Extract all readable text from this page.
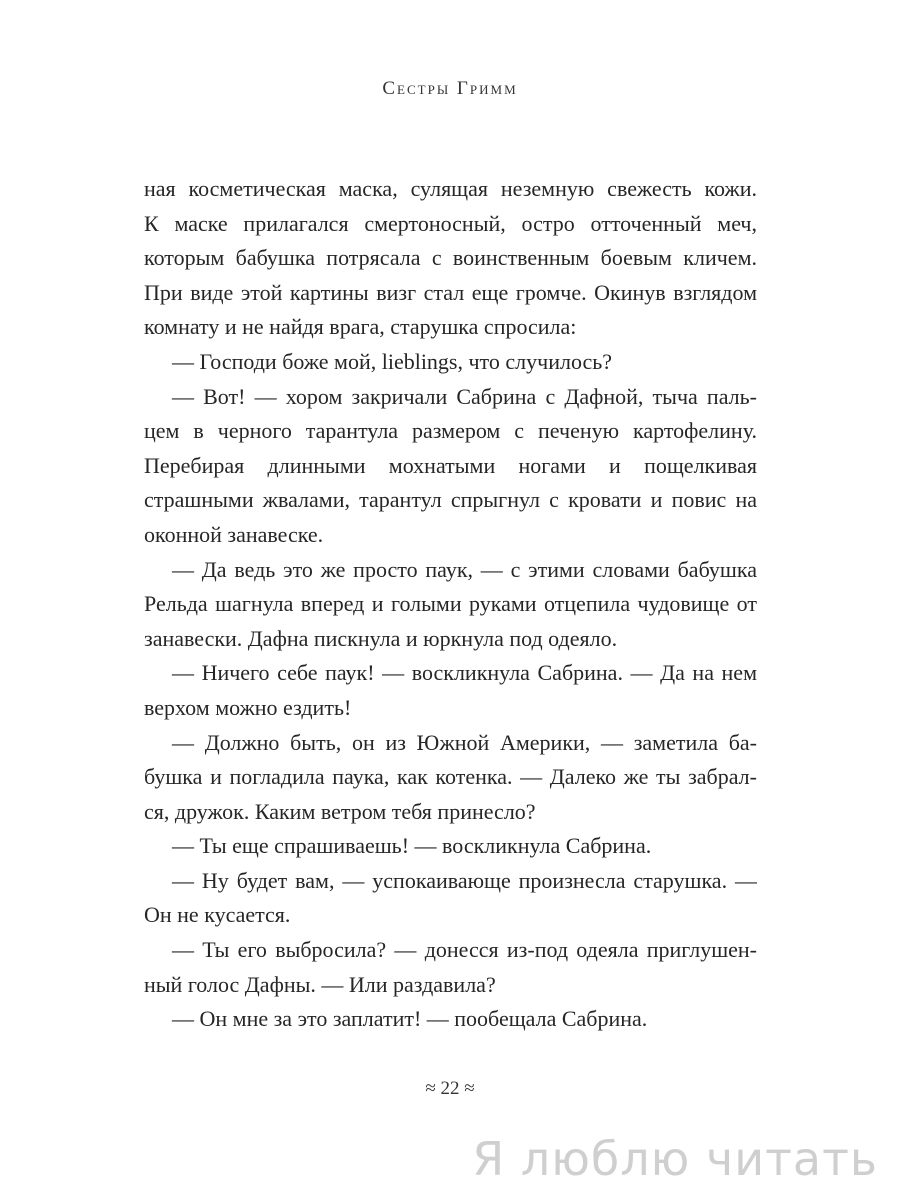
Сестры Гримм
ная косметическая маска, сулящая неземную свежесть кожи.
К маске прилагался смертоносный, остро отточенный меч,
которым бабушка потрясала с воинственным боевым кличем.
При виде этой картины визг стал еще громче. Окинув взглядом
комнату и не найдя врага, старушка спросила:
— Господи боже мой, lieblings, что случилось?
— Вот! — хором закричали Сабрина с Дафной, тыча паль-
цем в черного тарантула размером с печеную картофелину.
Перебирая длинными мохнатыми ногами и пощелкивая
страшными жвалами, тарантул спрыгнул с кровати и повис на
оконной занавеске.
— Да ведь это же просто паук, — с этими словами бабушка
Рельда шагнула вперед и голыми руками отцепила чудовище от
занавески. Дафна пискнула и юркнула под одеяло.
— Ничего себе паук! — воскликнула Сабрина. — Да на нем
верхом можно ездить!
— Должно быть, он из Южной Америки, — заметила ба-
бушка и погладила паука, как котенка. — Далеко же ты забрал-
ся, дружок. Каким ветром тебя принесло?
— Ты еще спрашиваешь! — воскликнула Сабрина.
— Ну будет вам, — успокаивающе произнесла старушка. —
Он не кусается.
— Ты его выбросила? — донесся из-под одеяла приглушен-
ный голос Дафны. — Или раздавила?
— Он мне за это заплатит! — пообещала Сабрина.
≈ 22 ≈
Я люблю читать
